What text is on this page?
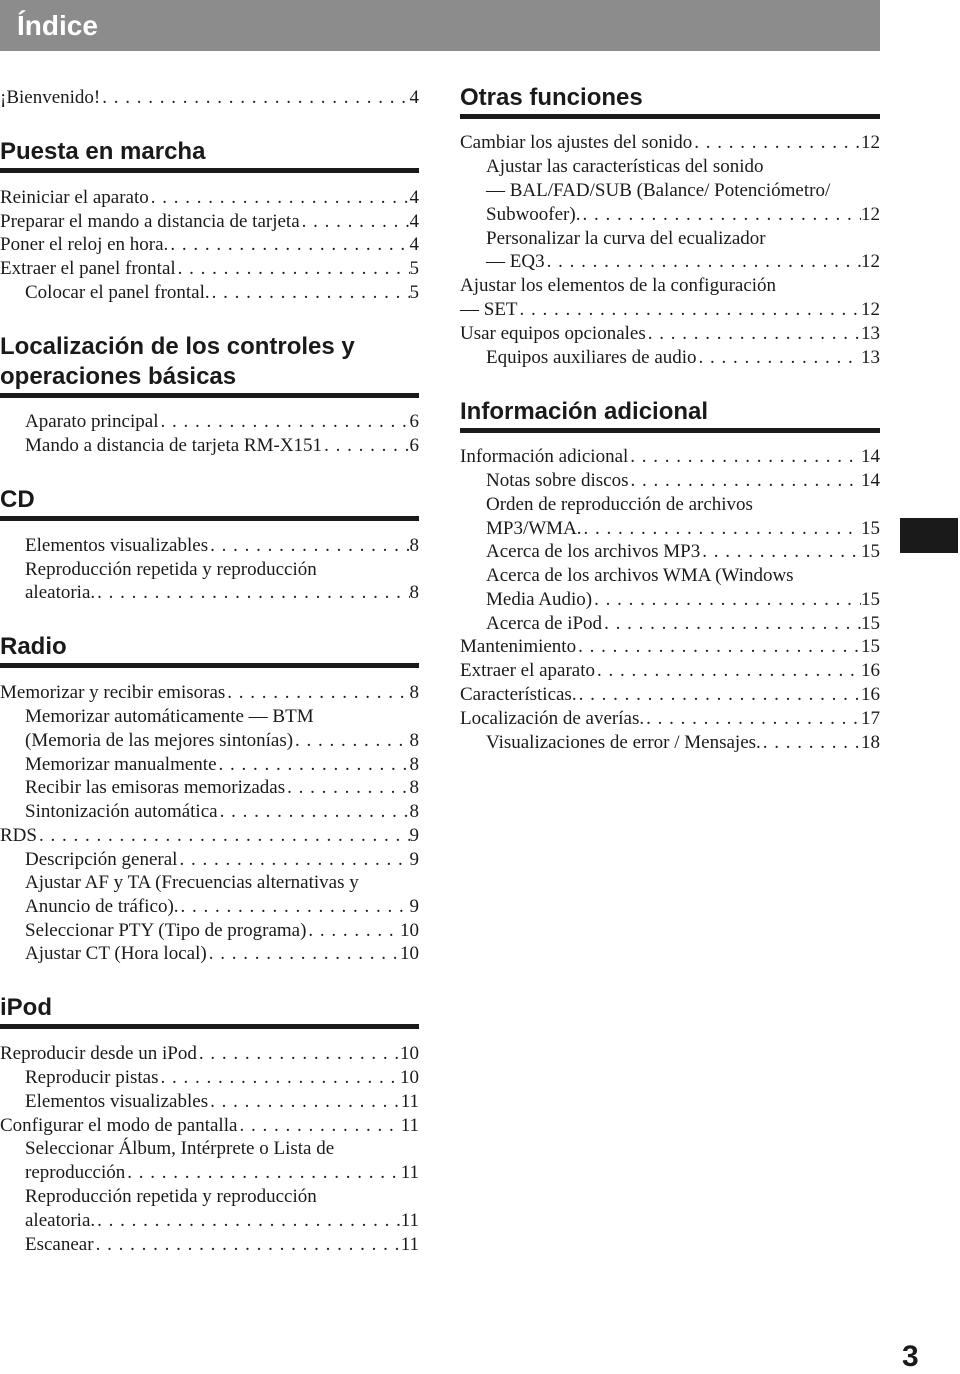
Índice
¡Bienvenido! . . .	4
Puesta en marcha
Reiniciar el aparato . . .	4
Preparar el mando a distancia de tarjeta . . .	4
Poner el reloj en hora. . . .	4
Extraer el panel frontal . . .	5
Colocar el panel frontal. . . .	5
Localización de los controles y
operaciones básicas
Aparato principal . . .	6
Mando a distancia de tarjeta RM-X151 . . .	6
CD
Elementos visualizables . . .	8
Reproducción repetida y reproducción
aleatoria. . . .	8
Radio
Memorizar y recibir emisoras . . .	8
Memorizar automáticamente — BTM
(Memoria de las mejores sintonías) . . .	8
Memorizar manualmente . . .	8
Recibir las emisoras memorizadas . . .	8
Sintonización automática . . .	8
RDS . . .	9
Descripción general . . .	9
Ajustar AF y TA (Frecuencias alternativas y
Anuncio de tráfico). . . .	9
Seleccionar PTY (Tipo de programa) . . .	10
Ajustar CT (Hora local) . . .	10
iPod
Reproducir desde un iPod . . .	10
Reproducir pistas . . .	10
Elementos visualizables . . .	11
Configurar el modo de pantalla . . .	11
Seleccionar Álbum, Intérprete o Lista de
reproducción . . .	11
Reproducción repetida y reproducción
aleatoria. . . .	11
Escanear . . .	11
Otras funciones
Cambiar los ajustes del sonido . . .	12
Ajustar las características del sonido
— BAL/FAD/SUB (Balance/ Potenciómetro/
Subwoofer). . . .	12
Personalizar la curva del ecualizador
— EQ3 . . .	12
Ajustar los elementos de la configuración
— SET . . .	12
Usar equipos opcionales . . .	13
Equipos auxiliares de audio . . .	13
Información adicional
Información adicional . . .	14
Notas sobre discos . . .	14
Orden de reproducción de archivos
MP3/WMA. . . .	15
Acerca de los archivos MP3 . . .	15
Acerca de los archivos WMA (Windows
Media Audio) . . .	15
Acerca de iPod . . .	15
Mantenimiento . . .	15
Extraer el aparato . . .	16
Características. . . .	16
Localización de averías. . . .	17
Visualizaciones de error / Mensajes. . . .	18
3
